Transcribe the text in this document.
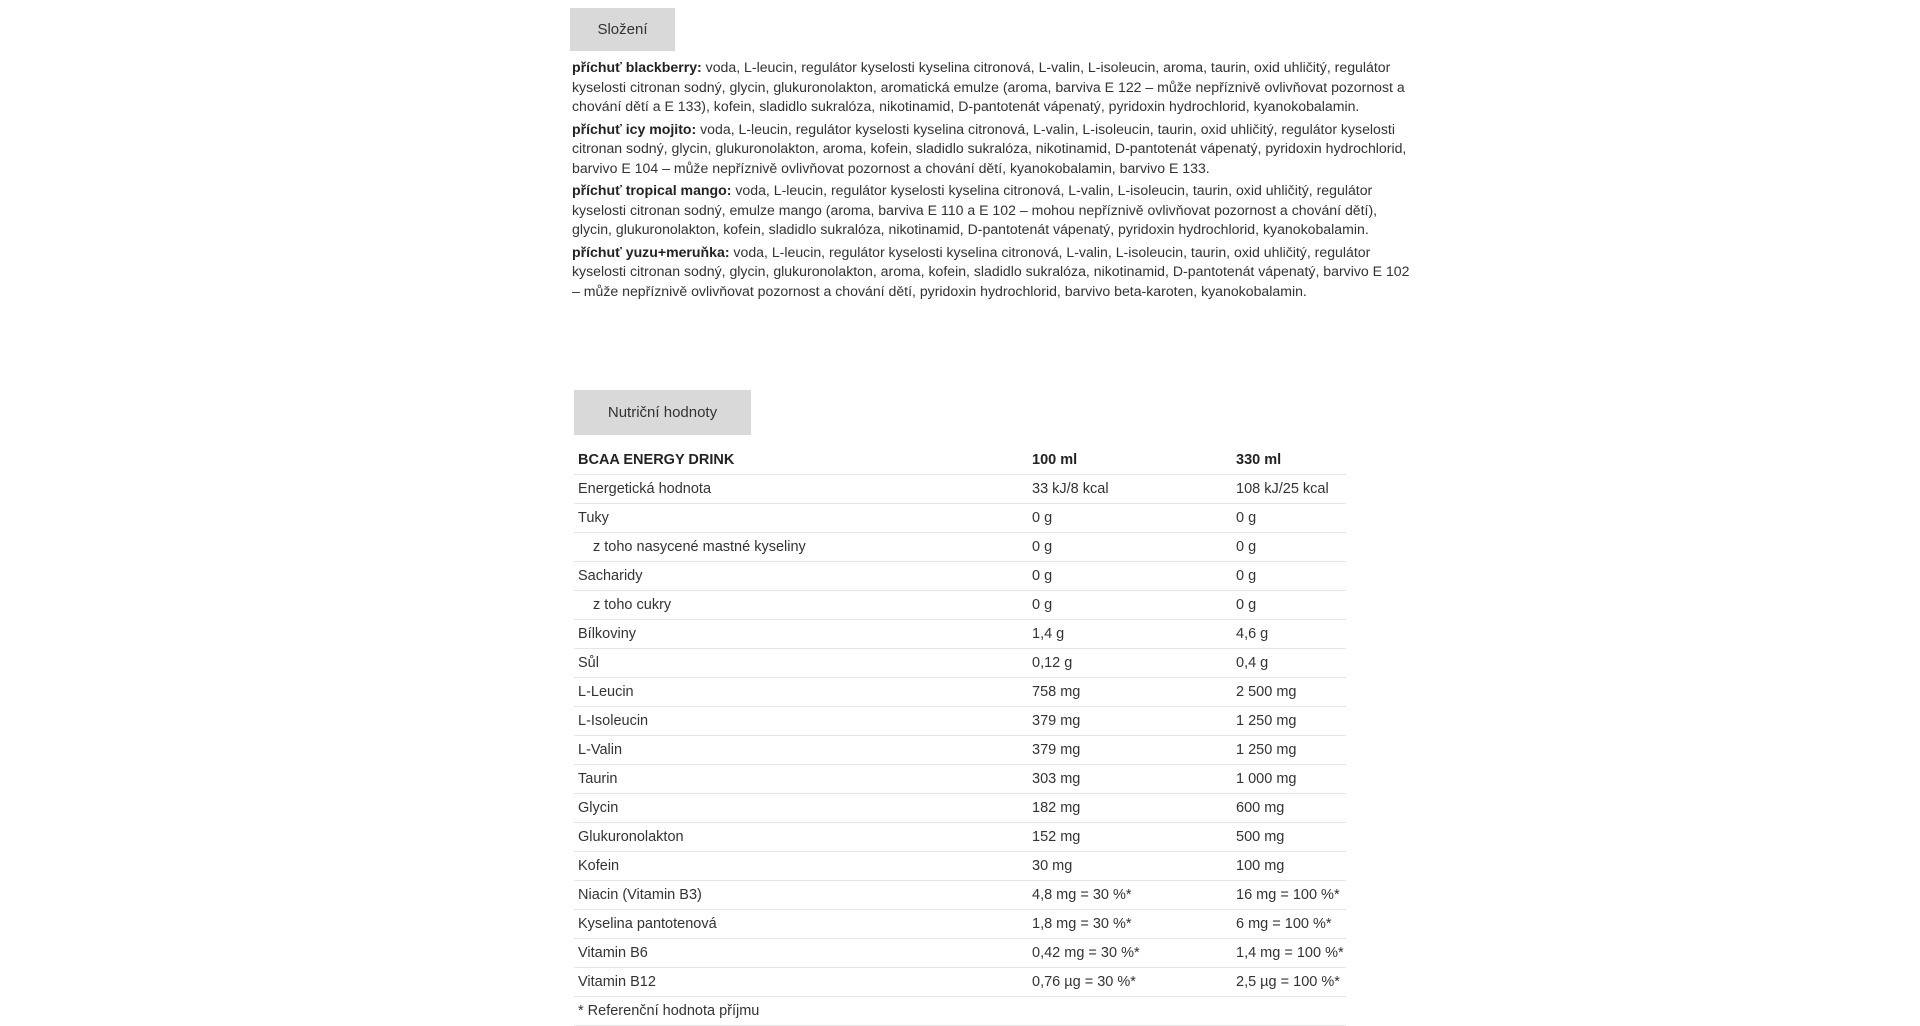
Složení

příchuť blackberry: voda, L-leucin, regulátor kyselosti kyselina citronová, L-valin, L-isoleucin, aroma, taurin, oxid uhličitý, regulátor kyselosti citronan sodný, glycin, glukuronolakton, aromatická emulze (aroma, barviva E 122 – může nepříznivě ovlivňovat pozornost a chování dětí a E 133), kofein, sladidlo sukralóza, nikotinamid, D-pantotenát vápenatý, pyridoxin hydrochlorid, kyanokobalamin.

příchuť icy mojito: voda, L-leucin, regulátor kyselosti kyselina citronová, L-valin, L-isoleucin, taurin, oxid uhličitý, regulátor kyselosti citronan sodný, glycin, glukuronolakton, aroma, kofein, sladidlo sukralóza, nikotinamid, D-pantotenát vápenatý, pyridoxin hydrochlorid, barvivo E 104 – může nepříznivě ovlivňovat pozornost a chování dětí, kyanokobalamin, barvivo E 133.

příchuť tropical mango: voda, L-leucin, regulátor kyselosti kyselina citronová, L-valin, L-isoleucin, taurin, oxid uhličitý, regulátor kyselosti citronan sodný, emulze mango (aroma, barviva E 110 a E 102 – mohou nepříznivě ovlivňovat pozornost a chování dětí), glycin, glukuronolakton, kofein, sladidlo sukralóza, nikotinamid, D-pantotenát vápenatý, pyridoxin hydrochlorid, kyanokobalamin.

příchuť yuzu+meruňka: voda, L-leucin, regulátor kyselosti kyselina citronová, L-valin, L-isoleucin, taurin, oxid uhličitý, regulátor kyselosti citronan sodný, glycin, glukuronolakton, aroma, kofein, sladidlo sukralóza, nikotinamid, D-pantotenát vápenatý, barvivo E 102 – může nepříznivě ovlivňovat pozornost a chování dětí, pyridoxin hydrochlorid, barvivo beta-karoten, kyanokobalamin.

Nutriční hodnoty
BCAA ENERGY DRINK	100 ml	330 ml
Energetická hodnota	33 kJ/8 kcal	108 kJ/25 kcal
Tuky	0 g	0 g
z toho nasycené mastné kyseliny	0 g	0 g
Sacharidy	0 g	0 g
z toho cukry	0 g	0 g
Bílkoviny	1,4 g	4,6 g
Sůl	0,12 g	0,4 g
L-Leucin	758 mg	2 500 mg
L-Isoleucin	379 mg	1 250 mg
L-Valin	379 mg	1 250 mg
Taurin	303 mg	1 000 mg
Glycin	182 mg	600 mg
Glukuronolakton	152 mg	500 mg
Kofein	30 mg	100 mg
Niacin (Vitamin B3)	4,8 mg = 30 %*	16 mg = 100 %*
Kyselina pantotenová	1,8 mg = 30 %*	6 mg = 100 %*
Vitamin B6	0,42 mg = 30 %*	1,4 mg = 100 %*
Vitamin B12	0,76 µg = 30 %*	2,5 µg = 100 %*
* Referenční hodnota příjmu		
